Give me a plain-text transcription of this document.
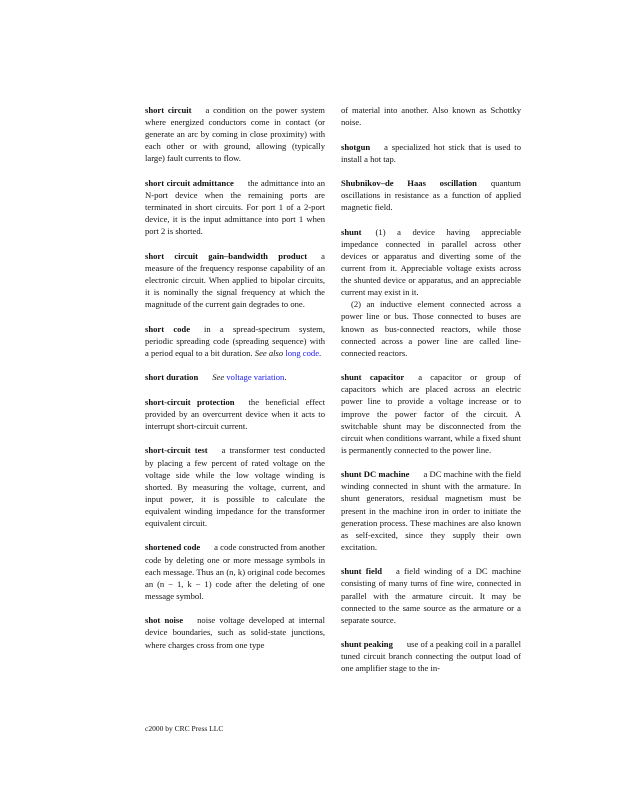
short circuit a condition on the power system where energized conductors come in contact (or generate an arc by coming in close proximity) with each other or with ground, allowing (typically large) fault currents to flow.

short circuit admittance the admittance into an N-port device when the remaining ports are terminated in short circuits. For port 1 of a 2-port device, it is the input admittance into port 1 when port 2 is shorted.

short circuit gain–bandwidth product a measure of the frequency response capability of an electronic circuit. When applied to bipolar circuits, it is nominally the signal frequency at which the magnitude of the current gain degrades to one.

short code in a spread-spectrum system, periodic spreading code (spreading sequence) with a period equal to a bit duration. See also long code.

short duration See voltage variation.

short-circuit protection the beneficial effect provided by an overcurrent device when it acts to interrupt short-circuit current.

short-circuit test a transformer test conducted by placing a few percent of rated voltage on the voltage side while the low voltage winding is shorted. By measuring the voltage, current, and input power, it is possible to calculate the equivalent winding impedance for the transformer equivalent circuit.

shortened code a code constructed from another code by deleting one or more message symbols in each message. Thus an (n, k) original code becomes an (n − 1, k − 1) code after the deleting of one message symbol.

shot noise noise voltage developed at internal device boundaries, such as solid-state junctions, where charges cross from one type

of material into another. Also known as Schottky noise.

shotgun a specialized hot stick that is used to install a hot tap.

Shubnikov–de Haas oscillation quantum oscillations in resistance as a function of applied magnetic field.

shunt (1) a device having appreciable impedance connected in parallel across other devices or apparatus and diverting some of the current from it. Appreciable voltage exists across the shunted device or apparatus, and an appreciable current may exist in it.
(2) an inductive element connected across a power line or bus. Those connected to buses are known as bus-connected reactors, while those connected across a power line are called line-connected reactors.

shunt capacitor a capacitor or group of capacitors which are placed across an electric power line to provide a voltage increase or to improve the power factor of the circuit. A switchable shunt may be disconnected from the circuit when conditions warrant, while a fixed shunt is permanently connected to the power line.

shunt DC machine a DC machine with the field winding connected in shunt with the armature. In shunt generators, residual magnetism must be present in the machine iron in order to initiate the generation process. These machines are also known as self-excited, since they supply their own excitation.

shunt field a field winding of a DC machine consisting of many turns of fine wire, connected in parallel with the armature circuit. It may be connected to the same source as the armature or a separate source.

shunt peaking use of a peaking coil in a parallel tuned circuit branch connecting the output load of one amplifier stage to the in-

c2000 by CRC Press LLC
